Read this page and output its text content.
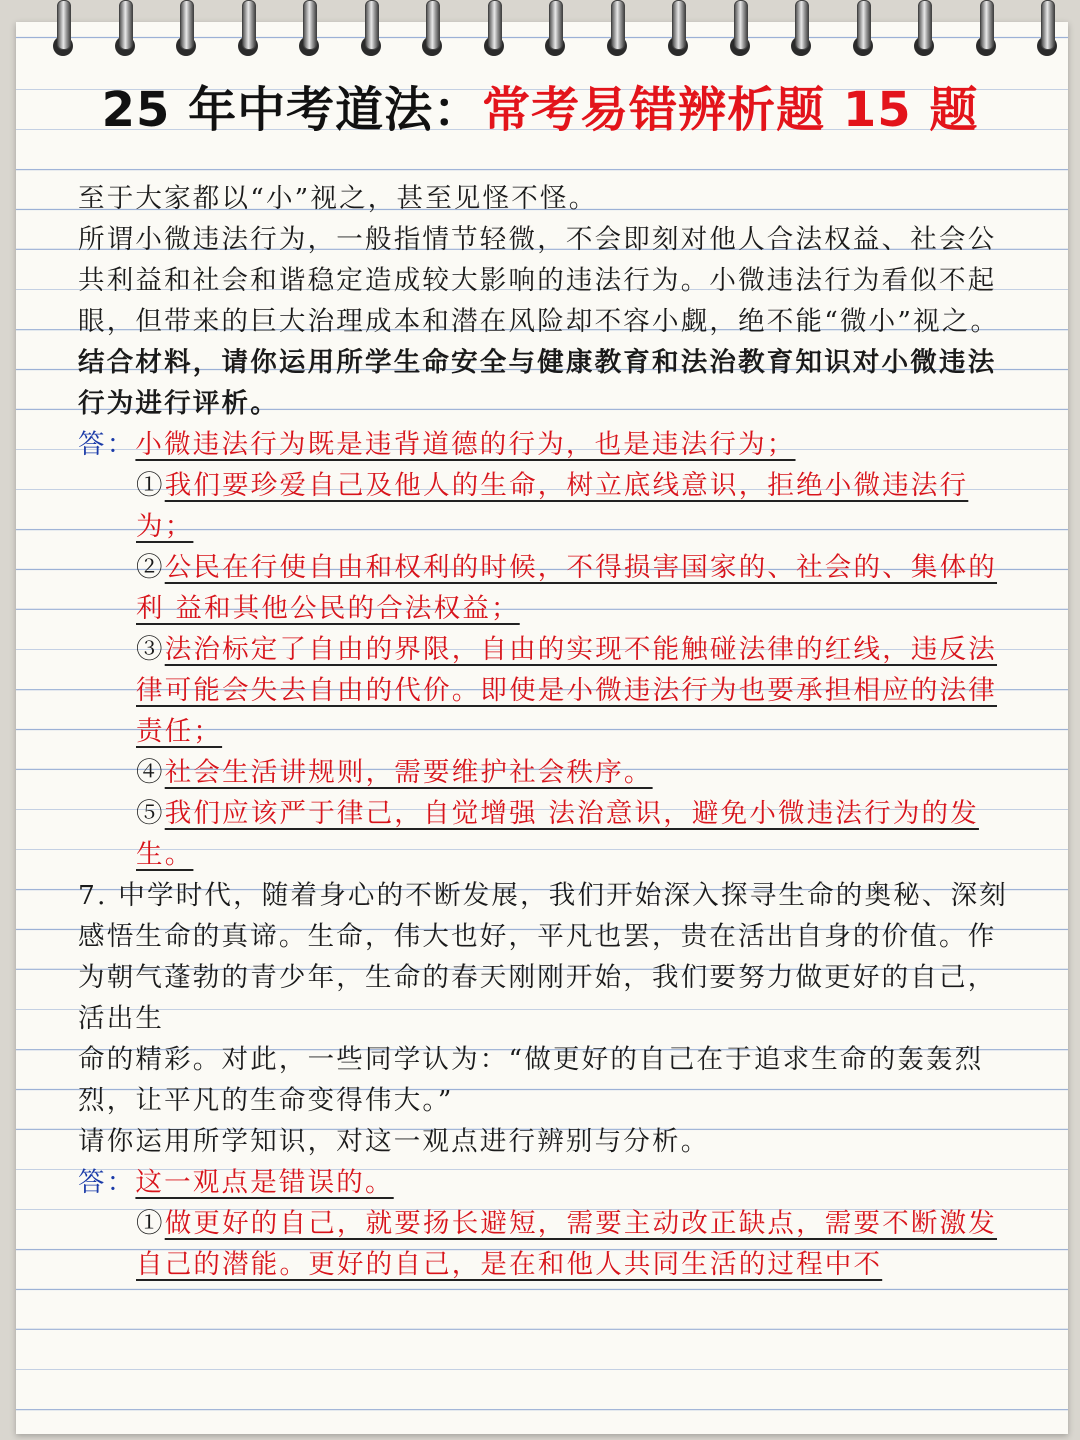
25 年中考道法：常考易错辨析题 15 题

至于大家都以“小”视之，甚至见怪不怪。

所谓小微违法行为，一般指情节轻微，不会即刻对他人合法权益、社会公共利益和社会和谐稳定造成较大影响的违法行为。小微违法行为看似不起眼，但带来的巨大治理成本和潜在风险却不容小觑，绝不能“微小”视之。

结合材料，请你运用所学生命安全与健康教育和法治教育知识对小微违法行为进行评析。

答：小微违法行为既是违背道德的行为，也是违法行为；

①我们要珍爱自己及他人的生命，树立底线意识，拒绝小微违法行为；

②公民在行使自由和权利的时候，不得损害国家的、社会的、集体的利 益和其他公民的合法权益；

③法治标定了自由的界限，自由的实现不能触碰法律的红线，违反法 律可能会失去自由的代价。即使是小微违法行为也要承担相应的法律责任；

④社会生活讲规则，需要维护社会秩序。

⑤我们应该严于律己，自觉增强 法治意识，避免小微违法行为的发生。

7. 中学时代，随着身心的不断发展，我们开始深入探寻生命的奥秘、深刻感悟生命的真谛。生命，伟大也好，平凡也罢，贵在活出自身的价值。作为朝气蓬勃的青少年，生命的春天刚刚开始，我们要努力做更好的自己，活出生

命的精彩。对此，一些同学认为：“做更好的自己在于追求生命的轰轰烈烈，让平凡的生命变得伟大。”

请你运用所学知识，对这一观点进行辨别与分析。

答：这一观点是错误的。

①做更好的自己，就要扬长避短，需要主动改正缺点，需要不断激发自己的潜能。更好的自己，是在和他人共同生活的过程中不
